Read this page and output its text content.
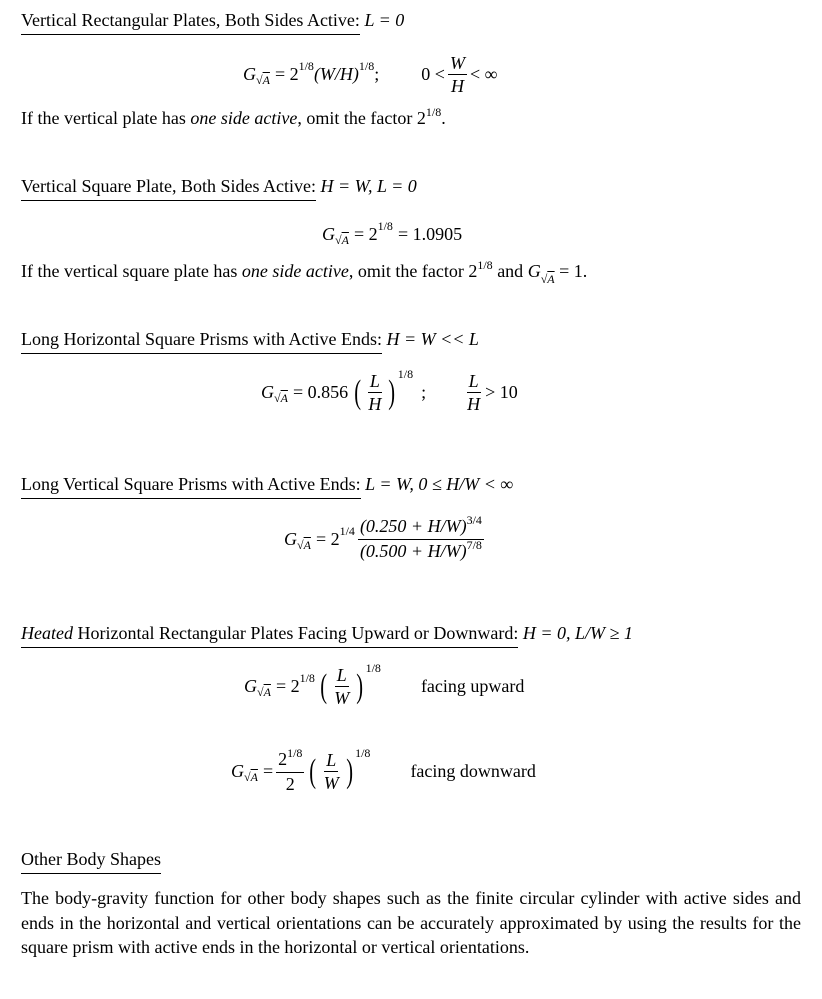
Vertical Rectangular Plates, Both Sides Active: L = 0
G √A = 2 1/8 (W/H) 1/8 ; $0 < \frac{W}{H}$ < ∞
If the vertical plate has one side active, omit the factor $2^{1/8}$.
Vertical Square Plate, Both Sides Active: H = W, L = 0
G √A = 2 1/8 = 1.0905
If the vertical square plate has one side active, omit the factor $2^{1/8}$ and $G_{√A} = 1$.
Long Horizontal Square Prisms with Active Ends: H = W << L
G √A = 0.856 ( $\frac{L}{H}$ ) 1/8
; $\frac{L}{H} > 10$
Long Vertical Square Prisms with Active Ends: L = W, 0 ≤ H/W < ∞
G √A = 2 $1/4 \frac{(0.250 + H/W)^{3/4}}{(0.500 + H/W)^{7/8}}$
Heated Horizontal Rectangular Plates Facing Upward or Downward: H = 0, L/W ≥ 1
G √A = 2 1/8 ( $\frac{L}{W}$ ) 1/8
facing upward
G $√A = \frac{2^{1/8}}{2}$ ( $\frac{L}{W}$ ) 1/8
facing downward
Other Body Shapes
The body-gravity function for other body shapes such as the finite circular cylinder with active sides and ends in the horizontal and vertical orientations can be accurately approximated by using the results for the square prism with active ends in the horizontal or vertical orientations.
